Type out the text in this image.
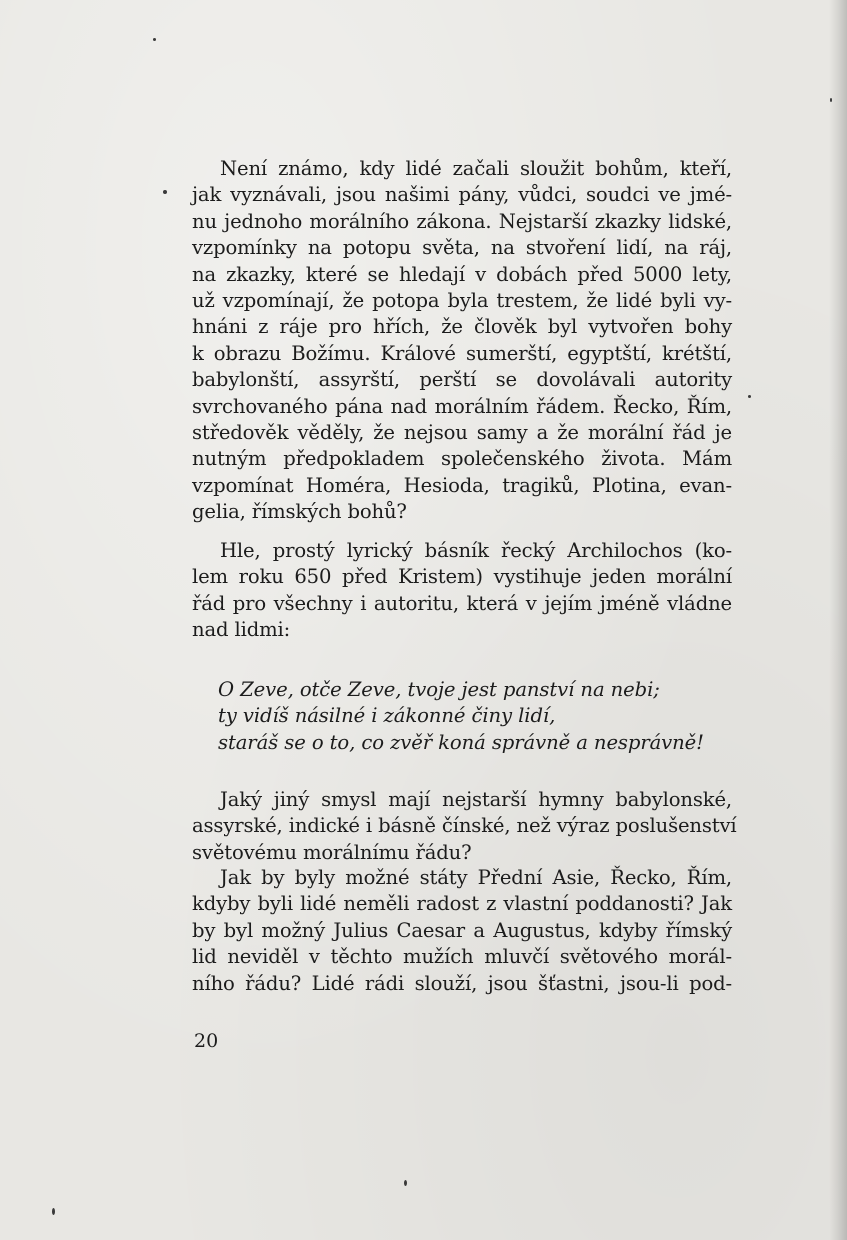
Není známo, kdy lidé začali sloužit bohům, kteří,
jak vyznávali, jsou našimi pány, vůdci, soudci ve jmé-
nu jednoho morálního zákona. Nejstarší zkazky lidské,
vzpomínky na potopu světa, na stvoření lidí, na ráj,
na zkazky, které se hledají v dobách před 5000 lety,
už vzpomínají, že potopa byla trestem, že lidé byli vy-
hnáni z ráje pro hřích, že člověk byl vytvořen bohy
k obrazu Božímu. Králové sumerští, egyptští, krétští,
babylonští, assyrští, perští se dovolávali autority
svrchovaného pána nad morálním řádem. Řecko, Řím,
středověk věděly, že nejsou samy a že morální řád je
nutným předpokladem společenského života. Mám
vzpomínat Homéra, Hesioda, tragiků, Plotina, evan-
gelia, římských bohů?
Hle, prostý lyrický básník řecký Archilochos (ko-
lem roku 650 před Kristem) vystihuje jeden morální
řád pro všechny i autoritu, která v jejím jméně vládne
nad lidmi:
O Zeve, otče Zeve, tvoje jest panství na nebi;
ty vidíš násilné i zákonné činy lidí,
staráš se o to, co zvěř koná správně a nesprávně!
Jaký jiný smysl mají nejstarší hymny babylonské,
assyrské, indické i básně čínské, než výraz poslušenství
světovému morálnímu řádu?
Jak by byly možné státy Přední Asie, Řecko, Řím,
kdyby byli lidé neměli radost z vlastní poddanosti? Jak
by byl možný Julius Caesar a Augustus, kdyby římský
lid neviděl v těchto mužích mluvčí světového morál-
ního řádu? Lidé rádi slouží, jsou šťastni, jsou-li pod-
20
